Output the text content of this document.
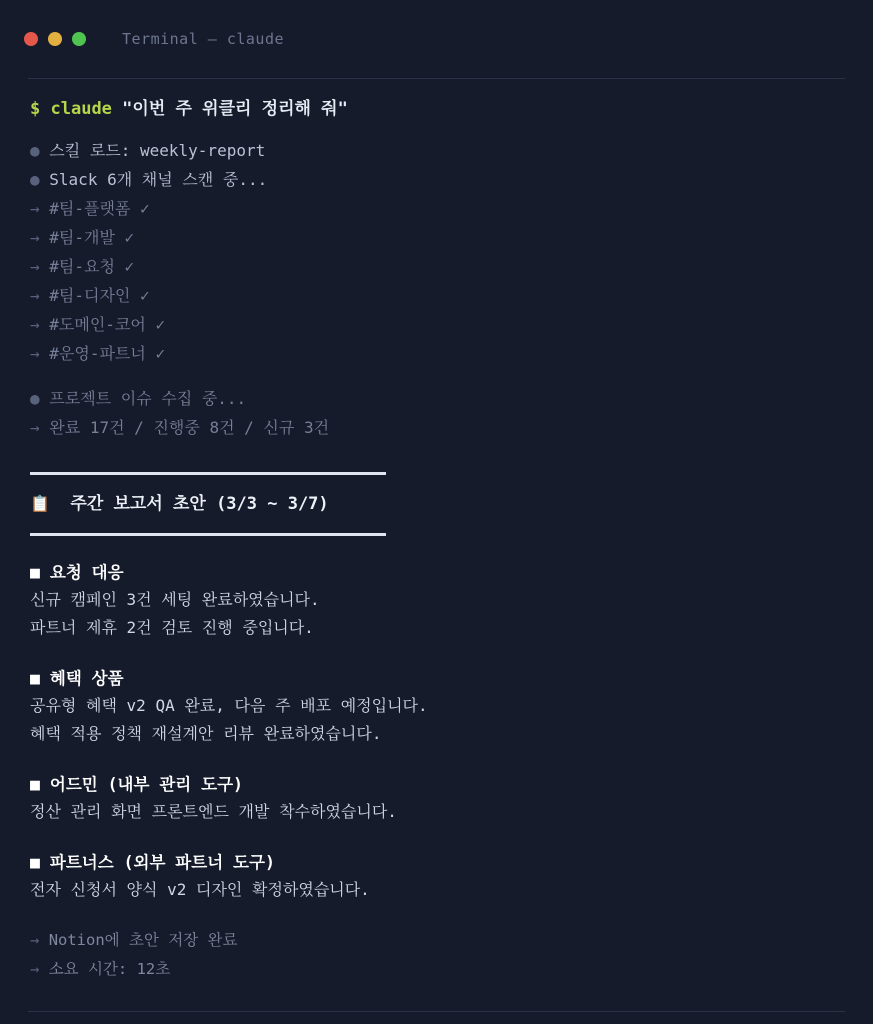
Terminal — claude
$ claude "이번 주 위클리 정리해 줘"
● 스킬 로드: weekly-report
● Slack 6개 채널 스캔 중...
→ #팀-플랫폼 ✓
→ #팀-개발 ✓
→ #팀-요청 ✓
→ #팀-디자인 ✓
→ #도메인-코어 ✓
→ #운영-파트너 ✓
● 프로젝트 이슈 수집 중...
→ 완료 17건 / 진행중 8건 / 신규 3건
📋 주간 보고서 초안 (3/3 ~ 3/7)
■ 요청 대응
신규 캠페인 3건 세팅 완료하였습니다.
파트너 제휴 2건 검토 진행 중입니다.
■ 혜택 상품
공유형 혜택 v2 QA 완료, 다음 주 배포 예정입니다.
혜택 적용 정책 재설계안 리뷰 완료하였습니다.
■ 어드민 (내부 관리 도구)
정산 관리 화면 프론트엔드 개발 착수하였습니다.
■ 파트너스 (외부 파트너 도구)
전자 신청서 양식 v2 디자인 확정하였습니다.
→ Notion에 초안 저장 완료
→ 소요 시간: 12초
